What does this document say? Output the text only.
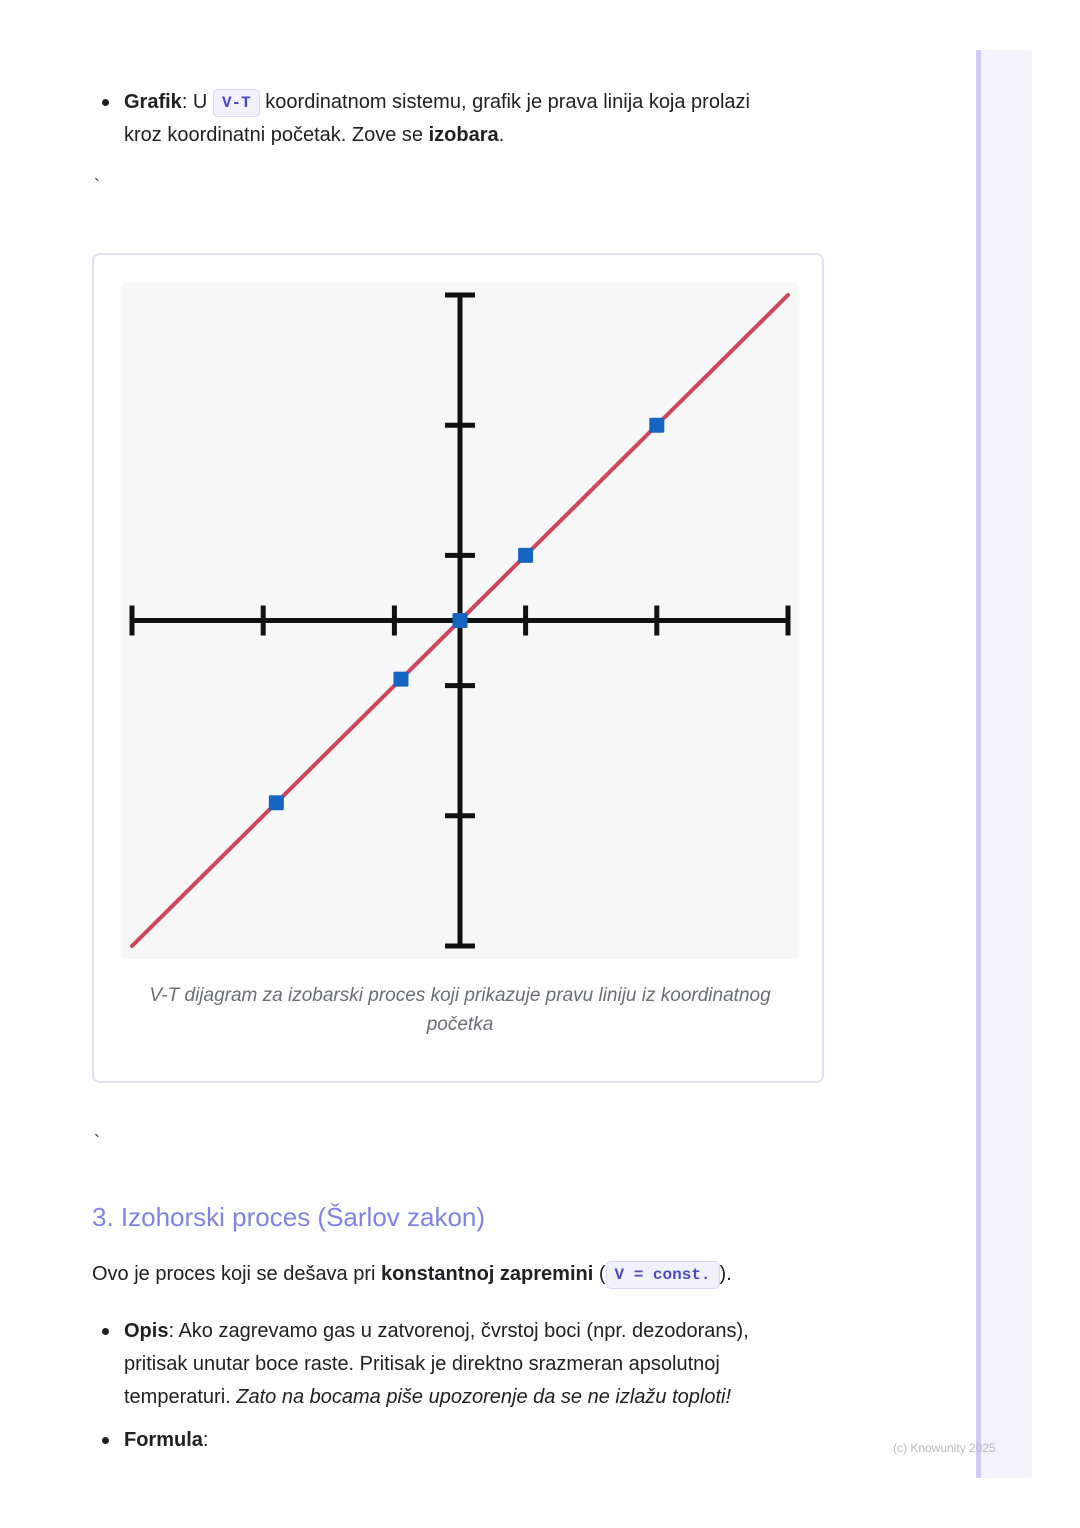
(c) Knowunity 2025
Grafik: U V-T koordinatnom sistemu, grafik je prava linija koja prolazi
kroz koordinatni početak. Zove se izobara.
`
V-T dijagram za izobarski proces koji prikazuje pravu liniju iz koordinatnog
početka
`
3. Izohorski proces (Šarlov zakon)

Ovo je proces koji se dešava pri konstantnoj zapremini ( V = const. ).

Opis: Ako zagrevamo gas u zatvorenoj, čvrstoj boci (npr. dezodorans),
pritisak unutar boce raste. Pritisak je direktno srazmeran apsolutnoj
temperaturi. Zato na bocama piše upozorenje da se ne izlažu toploti!
Formula:
